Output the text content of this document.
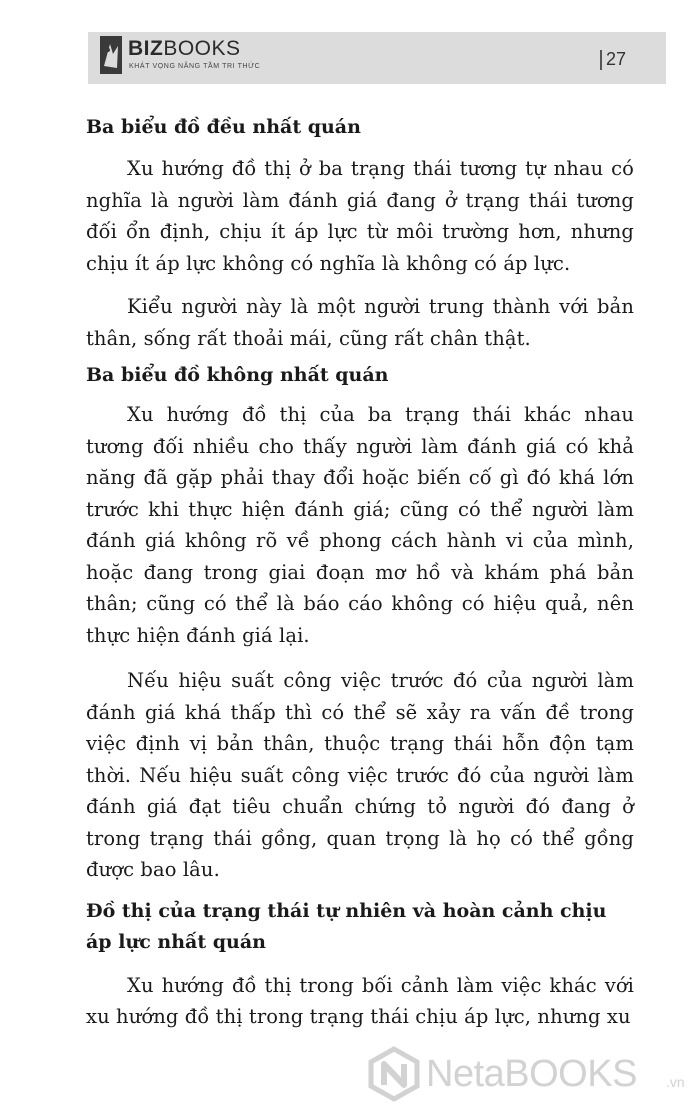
BIZBOOKS
KHÁT VỌNG NÂNG TẦM TRI THỨC	27
Ba biểu đồ đều nhất quán

Xu hướng đồ thị ở ba trạng thái tương tự nhau có nghĩa là người làm đánh giá đang ở trạng thái tương đối ổn định, chịu ít áp lực từ môi trường hơn, nhưng chịu ít áp lực không có nghĩa là không có áp lực.

Kiểu người này là một người trung thành với bản thân, sống rất thoải mái, cũng rất chân thật.

Ba biểu đồ không nhất quán

Xu hướng đồ thị của ba trạng thái khác nhau tương đối nhiều cho thấy người làm đánh giá có khả năng đã gặp phải thay đổi hoặc biến cố gì đó khá lớn trước khi thực hiện đánh giá; cũng có thể người làm đánh giá không rõ về phong cách hành vi của mình, hoặc đang trong giai đoạn mơ hồ và khám phá bản thân; cũng có thể là báo cáo không có hiệu quả, nên thực hiện đánh giá lại.

Nếu hiệu suất công việc trước đó của người làm đánh giá khá thấp thì có thể sẽ xảy ra vấn đề trong việc định vị bản thân, thuộc trạng thái hỗn độn tạm thời. Nếu hiệu suất công việc trước đó của người làm đánh giá đạt tiêu chuẩn chứng tỏ người đó đang ở trong trạng thái gồng, quan trọng là họ có thể gồng được bao lâu.

Đồ thị của trạng thái tự nhiên và hoàn cảnh chịu áp lực nhất quán

Xu hướng đồ thị trong bối cảnh làm việc khác với xu hướng đồ thị trong trạng thái chịu áp lực, nhưng xu

NetaBOOKS .vn
